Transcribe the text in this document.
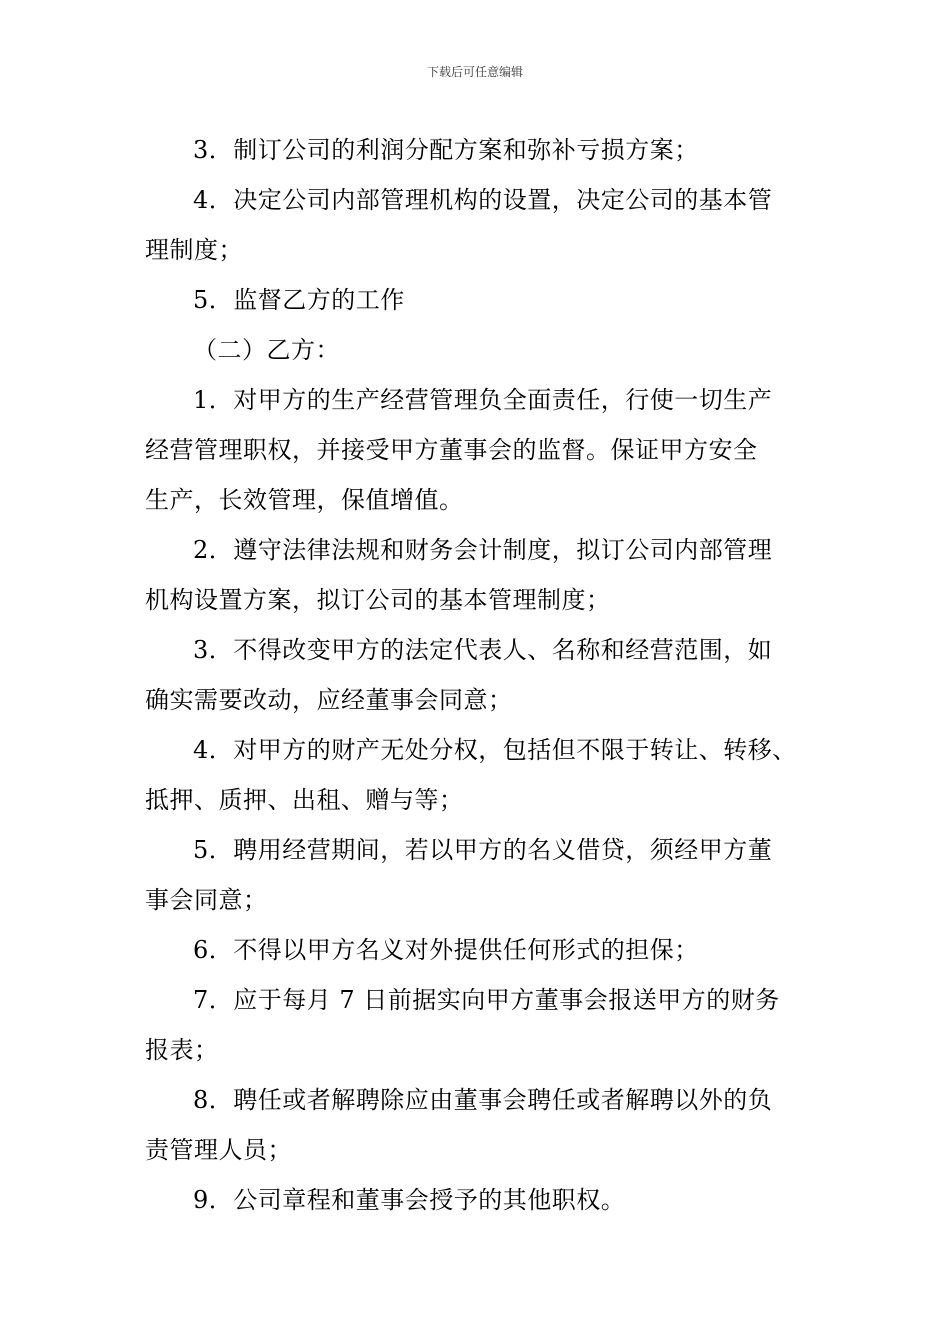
下载后可任意编辑
3．制订公司的利润分配方案和弥补亏损方案；
4．决定公司内部管理机构的设置，决定公司的基本管
理制度；
5．监督乙方的工作
（二）乙方：
1．对甲方的生产经营管理负全面责任，行使一切生产
经营管理职权，并接受甲方董事会的监督。保证甲方安全
生产，长效管理，保值增值。
2．遵守法律法规和财务会计制度，拟订公司内部管理
机构设置方案，拟订公司的基本管理制度；
3．不得改变甲方的法定代表人、名称和经营范围，如
确实需要改动，应经董事会同意；
4．对甲方的财产无处分权，包括但不限于转让、转移、
抵押、质押、出租、赠与等；
5．聘用经营期间，若以甲方的名义借贷，须经甲方董
事会同意；
6．不得以甲方名义对外提供任何形式的担保；
7．应于每月 7 日前据实向甲方董事会报送甲方的财务
报表；
8．聘任或者解聘除应由董事会聘任或者解聘以外的负
责管理人员；
9．公司章程和董事会授予的其他职权。
